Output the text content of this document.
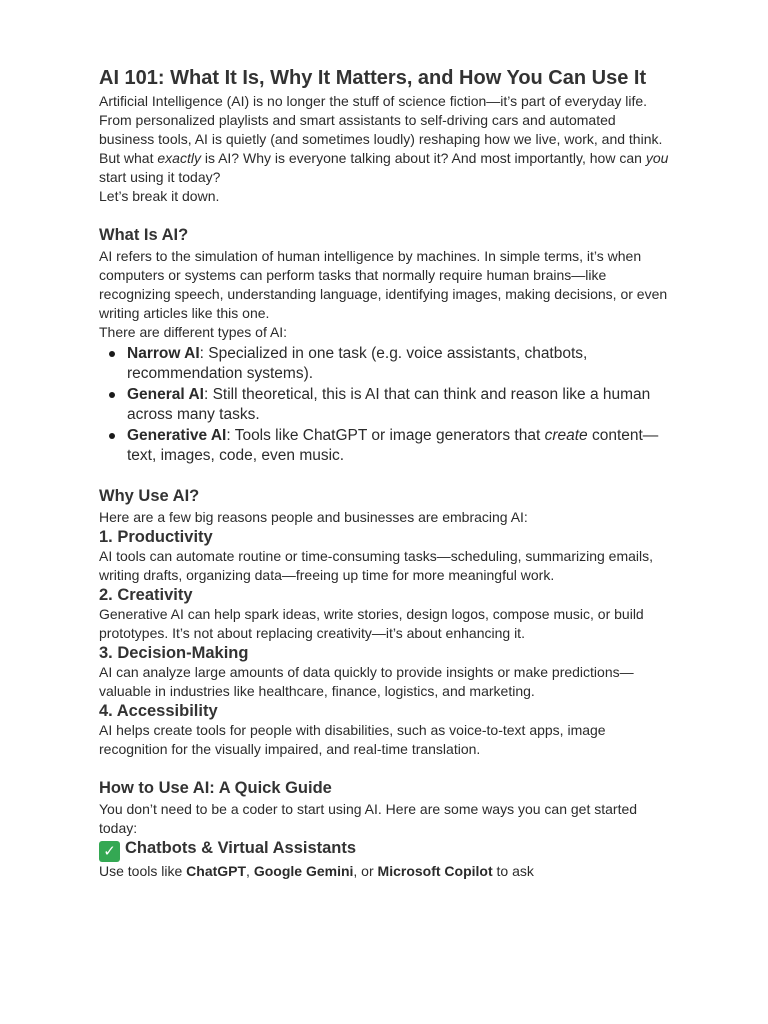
AI 101: What It Is, Why It Matters, and How You Can Use It

Artificial Intelligence (AI) is no longer the stuff of science fiction—it’s part of everyday life. From personalized playlists and smart assistants to self-driving cars and automated business tools, AI is quietly (and sometimes loudly) reshaping how we live, work, and think.

But what exactly is AI? Why is everyone talking about it? And most importantly, how can you start using it today?

Let’s break it down.

What Is AI?

AI refers to the simulation of human intelligence by machines. In simple terms, it’s when computers or systems can perform tasks that normally require human brains—like recognizing speech, understanding language, identifying images, making decisions, or even writing articles like this one.

There are different types of AI:

Narrow AI: Specialized in one task (e.g. voice assistants, chatbots, recommendation systems).
General AI: Still theoretical, this is AI that can think and reason like a human across many tasks.
Generative AI: Tools like ChatGPT or image generators that create content—text, images, code, even music.
Why Use AI?

Here are a few big reasons people and businesses are embracing AI:

1. Productivity

AI tools can automate routine or time-consuming tasks—scheduling, summarizing emails, writing drafts, organizing data—freeing up time for more meaningful work.

2. Creativity

Generative AI can help spark ideas, write stories, design logos, compose music, or build prototypes. It’s not about replacing creativity—it’s about enhancing it.

3. Decision-Making

AI can analyze large amounts of data quickly to provide insights or make predictions—valuable in industries like healthcare, finance, logistics, and marketing.

4. Accessibility

AI helps create tools for people with disabilities, such as voice-to-text apps, image recognition for the visually impaired, and real-time translation.

How to Use AI: A Quick Guide

You don’t need to be a coder to start using AI. Here are some ways you can get started today:

✓ Chatbots & Virtual Assistants

Use tools like ChatGPT, Google Gemini, or Microsoft Copilot to ask
